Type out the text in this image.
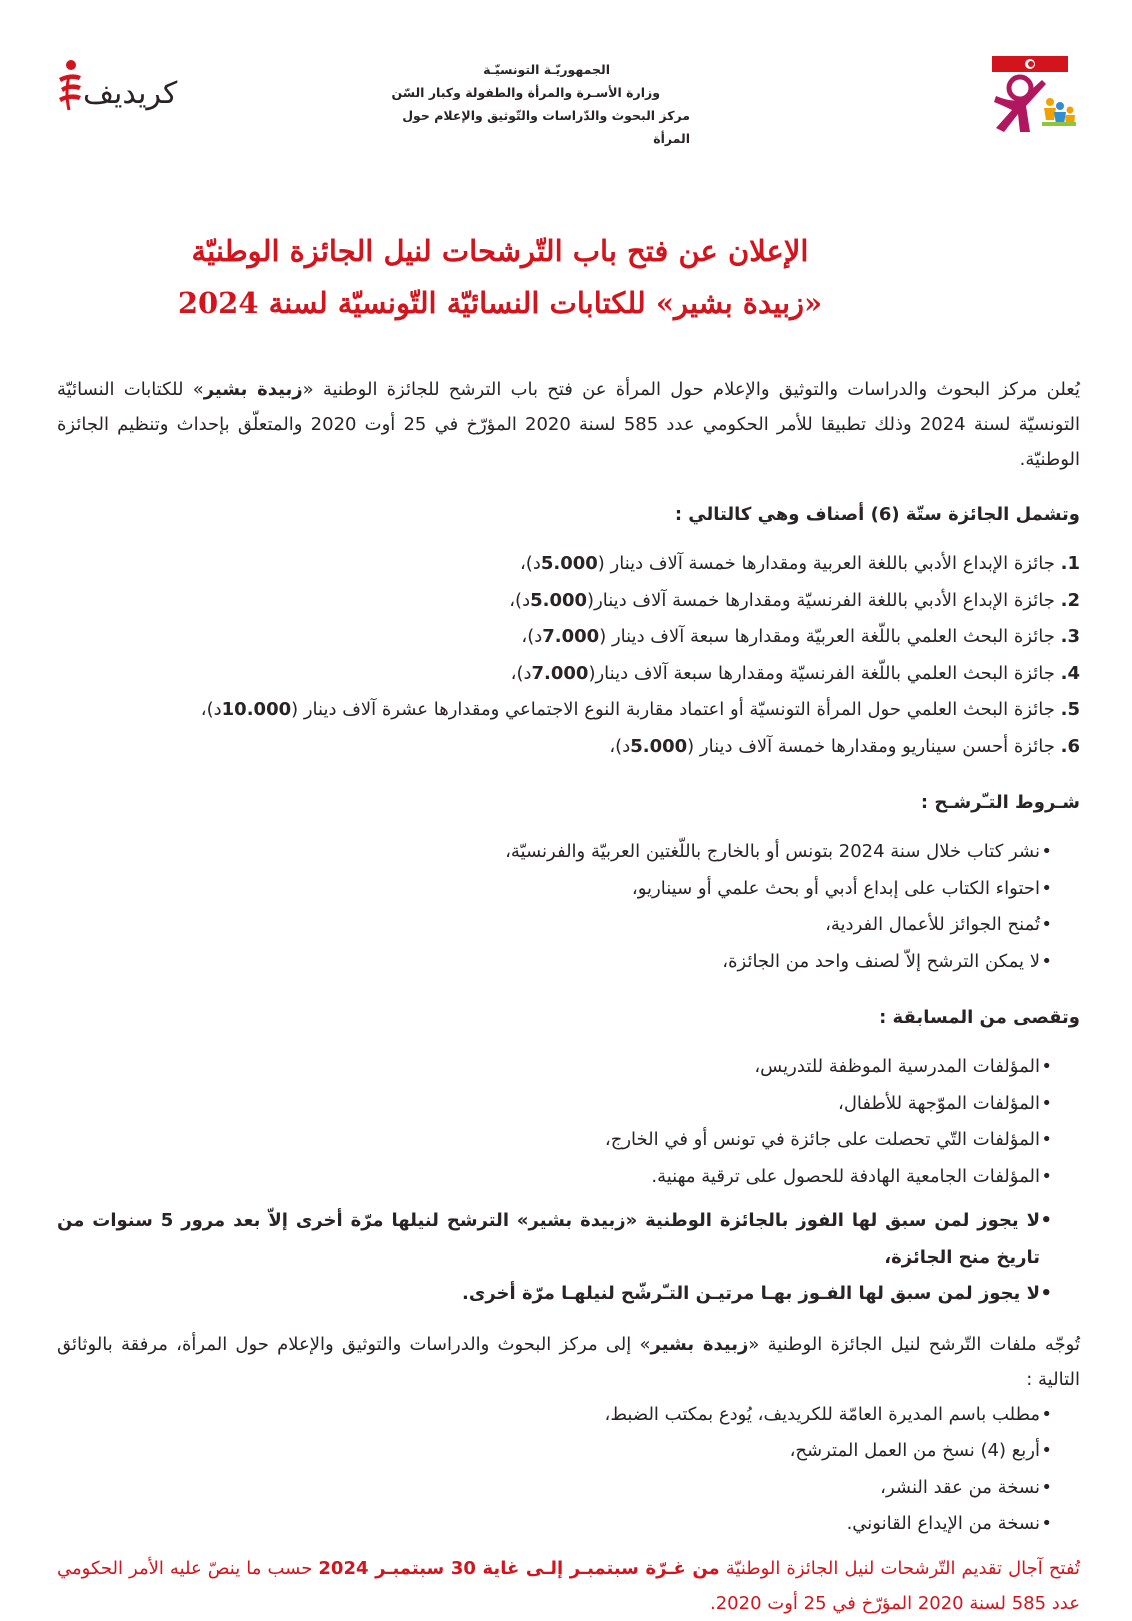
كريديف
الجمهوريّـة التونسيّـة
وزارة الأسـرة والمرأة والطفولة وكبار السّن
مركز البحوث والدّراسات والتّوثيق والإعلام حول المرأة
الإعلان عن فتح باب التّرشحات لنيل الجائزة الوطنيّة
«زبيدة بشير» للكتابات النسائيّة التّونسيّة لسنة 2024

يُعلن مركز البحوث والدراسات والتوثيق والإعلام حول المرأة عن فتح باب الترشح للجائزة الوطنية «زبيدة بشير» للكتابات النسائيّة التونسيّة لسنة 2024 وذلك تطبيقا للأمر الحكومي عدد 585 لسنة 2020 المؤرّخ في 25 أوت 2020 والمتعلّق بإحداث وتنظيم الجائزة الوطنيّة.

وتشمل الجائزة ستّة (6) أصناف وهي كالتالي :
1. جائزة الإبداع الأدبي باللغة العربية ومقدارها خمسة آلاف دينار (5.000د)،
2. جائزة الإبداع الأدبي باللغة الفرنسيّة ومقدارها خمسة آلاف دينار(5.000د)،
3. جائزة البحث العلمي باللّغة العربيّة ومقدارها سبعة آلاف دينار (7.000د)،
4. جائزة البحث العلمي باللّغة الفرنسيّة ومقدارها سبعة آلاف دينار(7.000د)،
5. جائزة البحث العلمي حول المرأة التونسيّة أو اعتماد مقاربة النوع الاجتماعي ومقدارها عشرة آلاف دينار (10.000د)،
6. جائزة أحسن سيناريو ومقدارها خمسة آلاف دينار (5.000د)،
شـروط التـّرشـح :
• نشر كتاب خلال سنة 2024 بتونس أو بالخارج باللّغتين العربيّة والفرنسيّة،
• احتواء الكتاب على إبداع أدبي أو بحث علمي أو سيناريو،
• تُمنح الجوائز للأعمال الفردية،
• لا يمكن الترشح إلاّ لصنف واحد من الجائزة،
وتقصى من المسابقة :
• المؤلفات المدرسية الموظفة للتدريس،
• المؤلفات الموّجهة للأطفال،
• المؤلفات التّي تحصلت على جائزة في تونس أو في الخارج،
• المؤلفات الجامعية الهادفة للحصول على ترقية مهنية.
• لا يجوز لمن سبق لها الفوز بالجائزة الوطنية «زبيدة بشير» الترشح لنيلها مرّة أخرى إلاّ بعد مرور 5 سنوات من تاريخ منح الجائزة،
• لا يجوز لمن سبق لها الفـوز بهـا مرتيـن التـّرشّح لنيلهـا مرّة أخرى.

تُوجّه ملفات التّرشح لنيل الجائزة الوطنية «زبيدة بشير» إلى مركز البحوث والدراسات والتوثيق والإعلام حول المرأة، مرفقة بالوثائق التالية :

• مطلب باسم المديرة العامّة للكريديف، يُودع بمكتب الضبط،
• أربع (4) نسخ من العمل المترشح،
• نسخة من عقد النشر،
• نسخة من الإيداع القانوني.

تُفتح آجال تقديم التّرشحات لنيل الجائزة الوطنيّة من غـرّة سبتمبـر إلـى غاية 30 سبتمبـر 2024 حسب ما ينصّ عليه الأمر الحكومي عدد 585 لسنة 2020 المؤرّخ في 25 أوت 2020.
